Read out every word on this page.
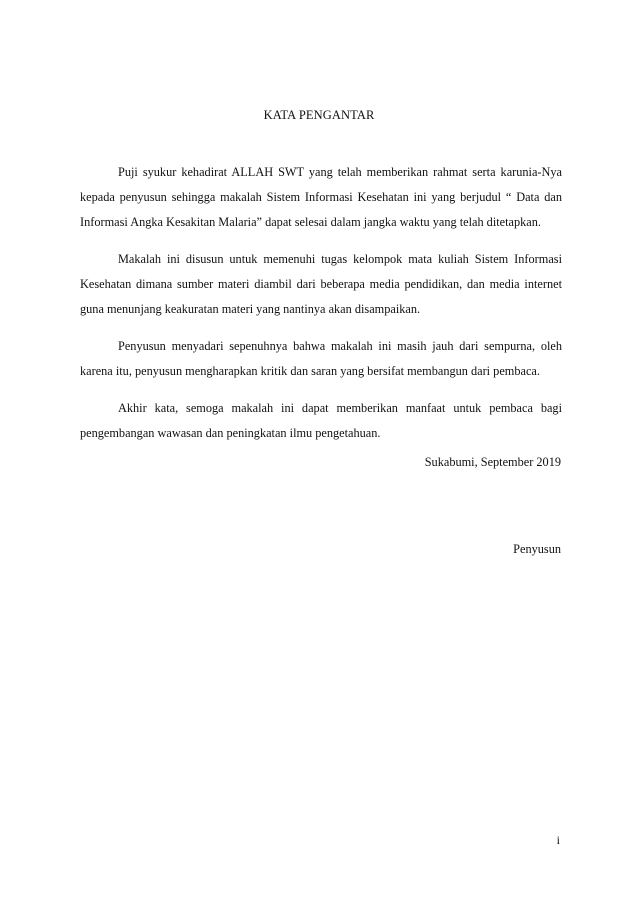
KATA PENGANTAR

Puji syukur kehadirat ALLAH SWT yang telah memberikan rahmat serta karunia-Nya kepada penyusun sehingga makalah Sistem Informasi Kesehatan ini yang berjudul “ Data dan Informasi Angka Kesakitan Malaria” dapat selesai dalam jangka waktu yang telah ditetapkan.

Makalah ini disusun untuk memenuhi tugas kelompok mata kuliah Sistem Informasi Kesehatan dimana sumber materi diambil dari beberapa media pendidikan, dan media internet guna menunjang keakuratan materi yang nantinya akan disampaikan.

Penyusun menyadari sepenuhnya bahwa makalah ini masih jauh dari sempurna, oleh karena itu, penyusun mengharapkan kritik dan saran yang bersifat membangun dari pembaca.

Akhir kata, semoga makalah ini dapat memberikan manfaat untuk pembaca bagi pengembangan wawasan dan peningkatan ilmu pengetahuan.

Sukabumi, September 2019
Penyusun
i
